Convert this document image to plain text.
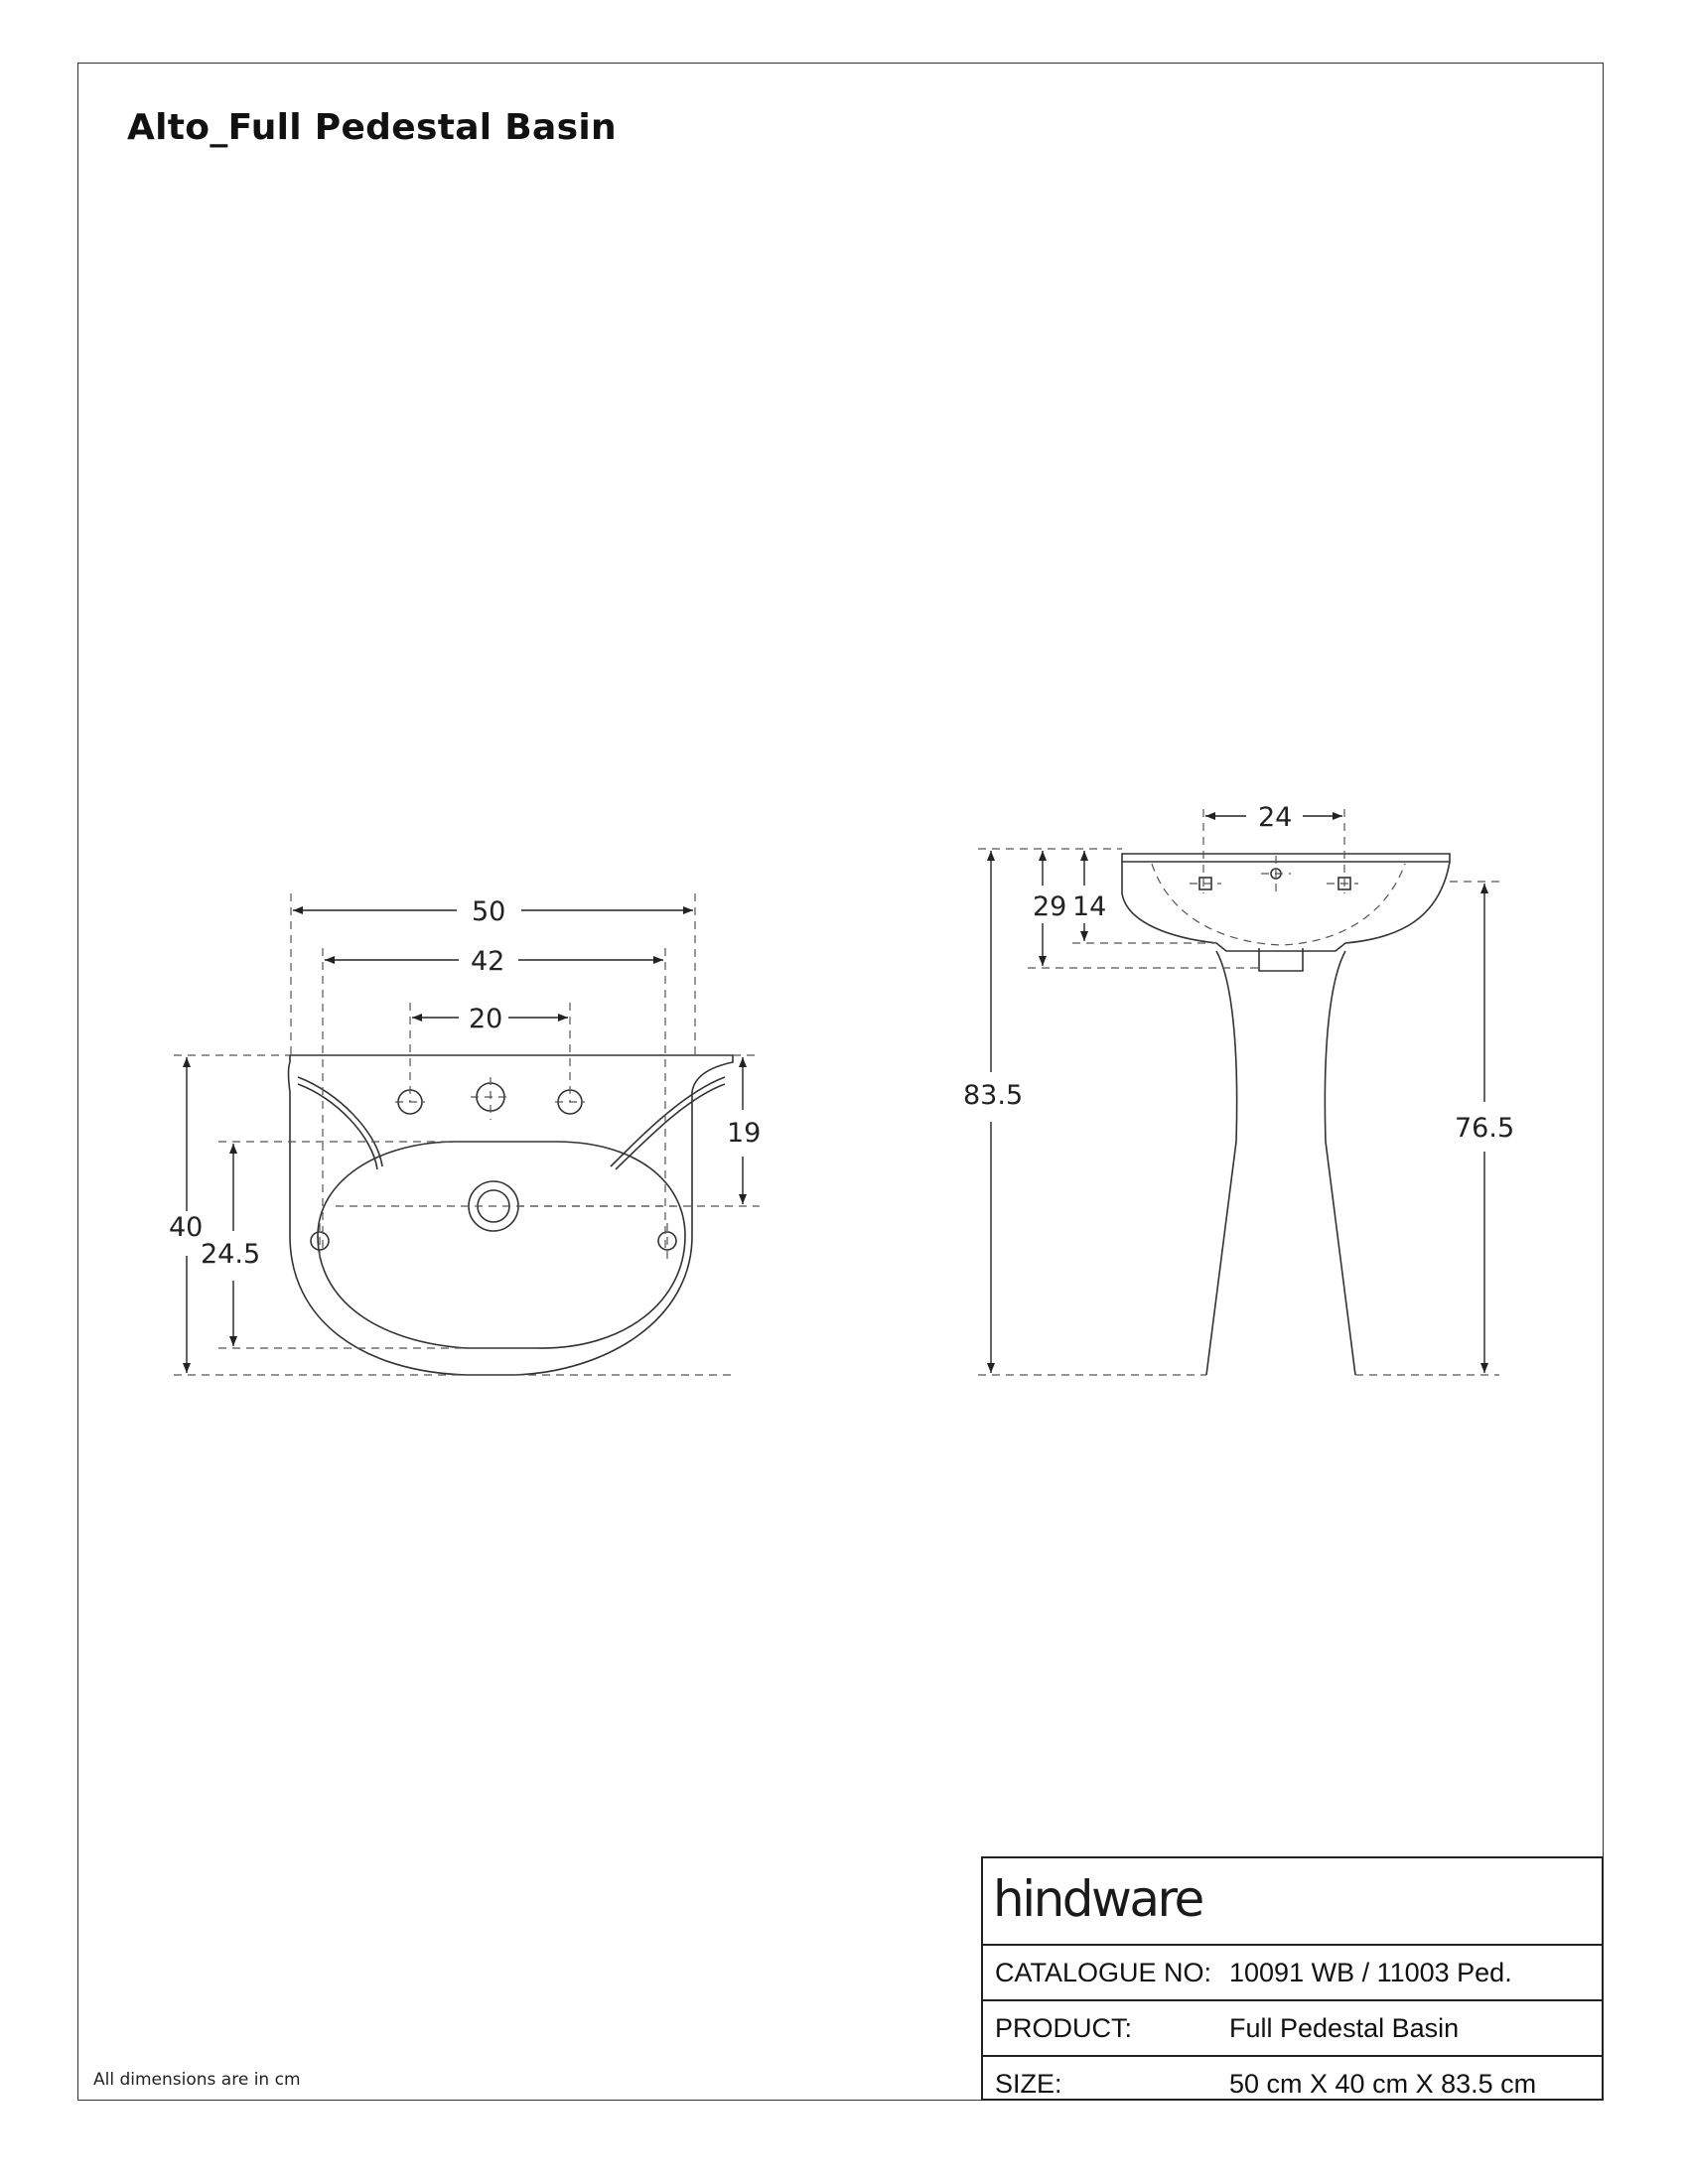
Alto_Full Pedestal Basin
50
42
20
40
24.5
19
24
29 14
83.5
76.5
All dimensions are in cm
hindware
CATALOGUE NO: 10091 WB / 11003 Ped.
PRODUCT:	Full Pedestal Basin
SIZE:	50 cm X 40 cm X 83.5 cm
